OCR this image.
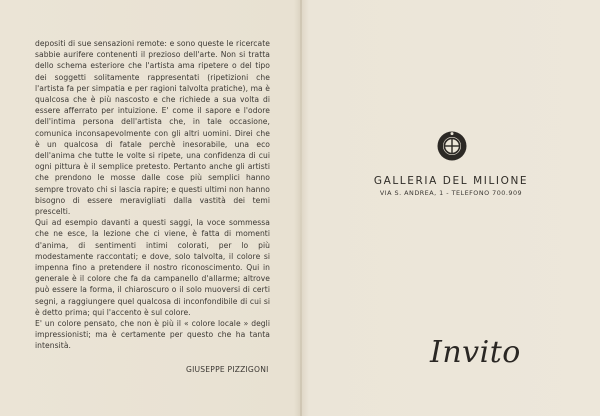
depositi di sue sensazioni remote: e sono queste le ricercate sabbie aurifere contenenti il prezioso dell'arte. Non si tratta dello schema esteriore che l'artista ama ripetere o del tipo dei soggetti solitamente rappresentati (ripetizioni che l'artista fa per simpatia e per ragioni talvolta pratiche), ma è qualcosa che è più nascosto e che richiede a sua volta di essere afferrato per intuizione. E' come il sapore e l'odore dell'intima persona dell'artista che, in tale occasione, comunica inconsapevolmente con gli altri uomini. Direi che è un qualcosa di fatale perchè inesorabile, una eco dell'anima che tutte le volte si ripete, una confidenza di cui ogni pittura è il semplice pretesto. Pertanto anche gli artisti che prendono le mosse dalle cose più semplici hanno sempre trovato chi si lascia rapire; e questi ultimi non hanno bisogno di essere meravigliati dalla vastità dei temi prescelti.

Qui ad esempio davanti a questi saggi, la voce sommessa che ne esce, la lezione che ci viene, è fatta di momenti d'anima, di sentimenti intimi colorati, per lo più modestamente raccontati; e dove, solo talvolta, il colore si impenna fino a pretendere il nostro riconoscimento. Qui in generale è il colore che fa da campanello d'allarme; altrove può essere la forma, il chiaroscuro o il solo muoversi di certi segni, a raggiungere quel qualcosa di inconfondibile di cui si è detto prima; qui l'accento è sul colore.

E' un colore pensato, che non è più il « colore locale » degli impressionisti; ma è certamente per questo che ha tanta intensità.

GIUSEPPE PIZZIGONI
GALLERIA DEL MILIONE
VIA S. ANDREA, 1 - TELEFONO 700.909
Invito
